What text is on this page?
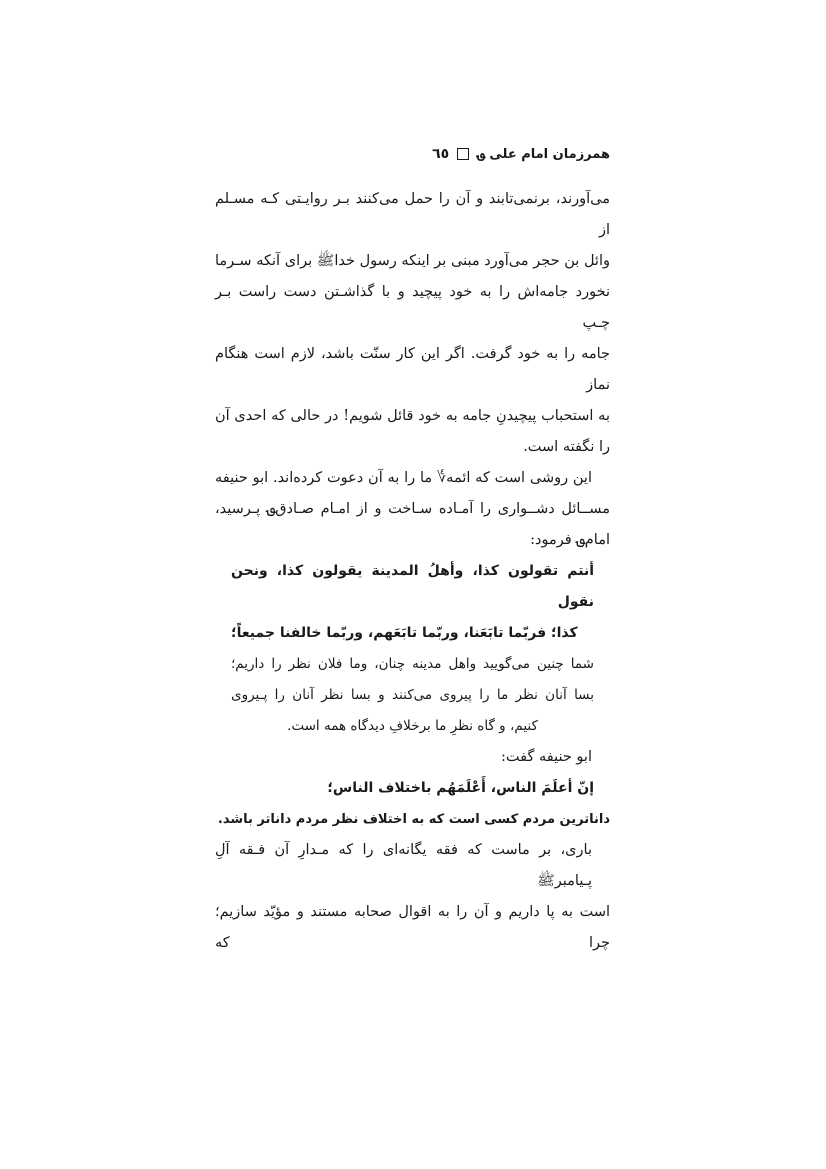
همرزمان امام علی ؈
٦٥

می‌آورند، برنمی‌تابند و آن را حمل می‌کنند بـر روایـتی کـه مسـلم از
وائل بن حجر می‌آورد مبنی بر اینکه رسول خداﷺ برای آنکه سـرما
نخورد جامه‌اش را به خود پیچید و با گذاشـتن دست راست بـر چـپ
جامه را به خود گرفت. اگر این کار سنّت باشد، لازم است هنگام نماز
به استحباب پیچیدنِ جامه به خود قائل شویم! در حالی که احدی آن
را نگفته است.

این روشی است که ائمه؇ ما را به آن دعوت کرده‌اند. ابو حنیفه
مســائل دشــواری را آمـاده سـاخت و از امـام صـادق؈ پـرسید،
امام؈ فرمود:

أنتم تقولون كذا، وأهلُ المدينة يقولون كذا، ونحن نقول
كذا؛ فربّما تابَعَنا، وربّما تابَعَهم، وربّما خالفنا جميعاً؛
شما چنین می‌گویید واهل مدینه چنان، وما فلان نظر را داریم؛
بسا آنان نظر ما را پیروی می‌کنند و بسا نظر آنان را پـیروی
کنیم، و گاه نظرِ ما برخلافِ دیدگاه همه است.

ابو حنیفه گفت:

إنّ أعلَمَ الناس، أَعْلَمَهُم باختلاف الناس؛

داناترین مردم کسی است که به اختلاف نظر مردم داناتر باشد.

باری، بر ماست که فقه یگانه‌ای را که مـدارِ آن فـقه آلِ پـیامبرﷺ
است به پا داریم و آن را به اقوال صحابه مستند و مؤیّد سازیم؛ چرا که
